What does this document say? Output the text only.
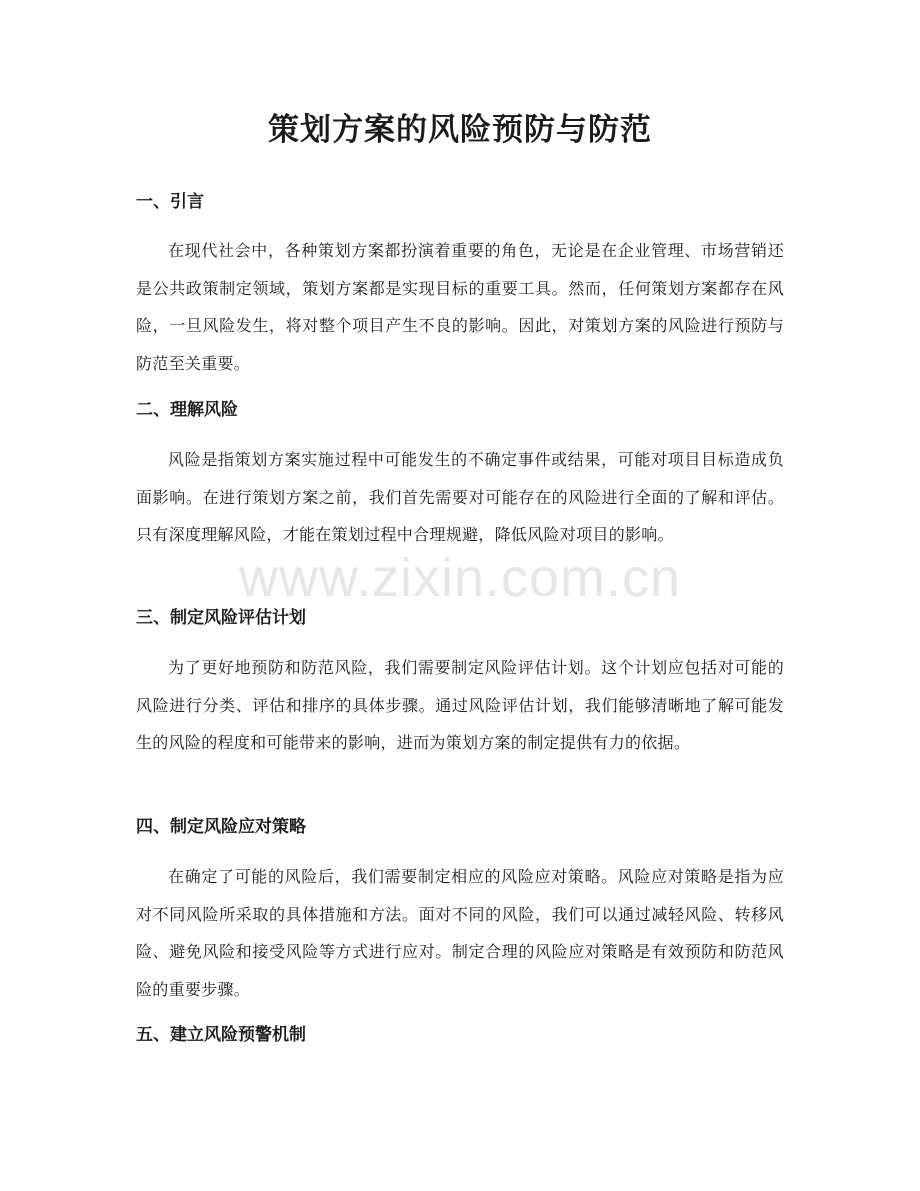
策划方案的风险预防与防范
一、引言

在现代社会中，各种策划方案都扮演着重要的角色，无论是在企业管理、市场营销还是公共政策制定领域，策划方案都是实现目标的重要工具。然而，任何策划方案都存在风险，一旦风险发生，将对整个项目产生不良的影响。因此，对策划方案的风险进行预防与防范至关重要。

二、理解风险

风险是指策划方案实施过程中可能发生的不确定事件或结果，可能对项目目标造成负面影响。在进行策划方案之前，我们首先需要对可能存在的风险进行全面的了解和评估。只有深度理解风险，才能在策划过程中合理规避，降低风险对项目的影响。

三、制定风险评估计划

为了更好地预防和防范风险，我们需要制定风险评估计划。这个计划应包括对可能的风险进行分类、评估和排序的具体步骤。通过风险评估计划，我们能够清晰地了解可能发生的风险的程度和可能带来的影响，进而为策划方案的制定提供有力的依据。

四、制定风险应对策略

在确定了可能的风险后，我们需要制定相应的风险应对策略。风险应对策略是指为应对不同风险所采取的具体措施和方法。面对不同的风险，我们可以通过减轻风险、转移风险、避免风险和接受风险等方式进行应对。制定合理的风险应对策略是有效预防和防范风险的重要步骤。

五、建立风险预警机制
www.zixin.com.cn
